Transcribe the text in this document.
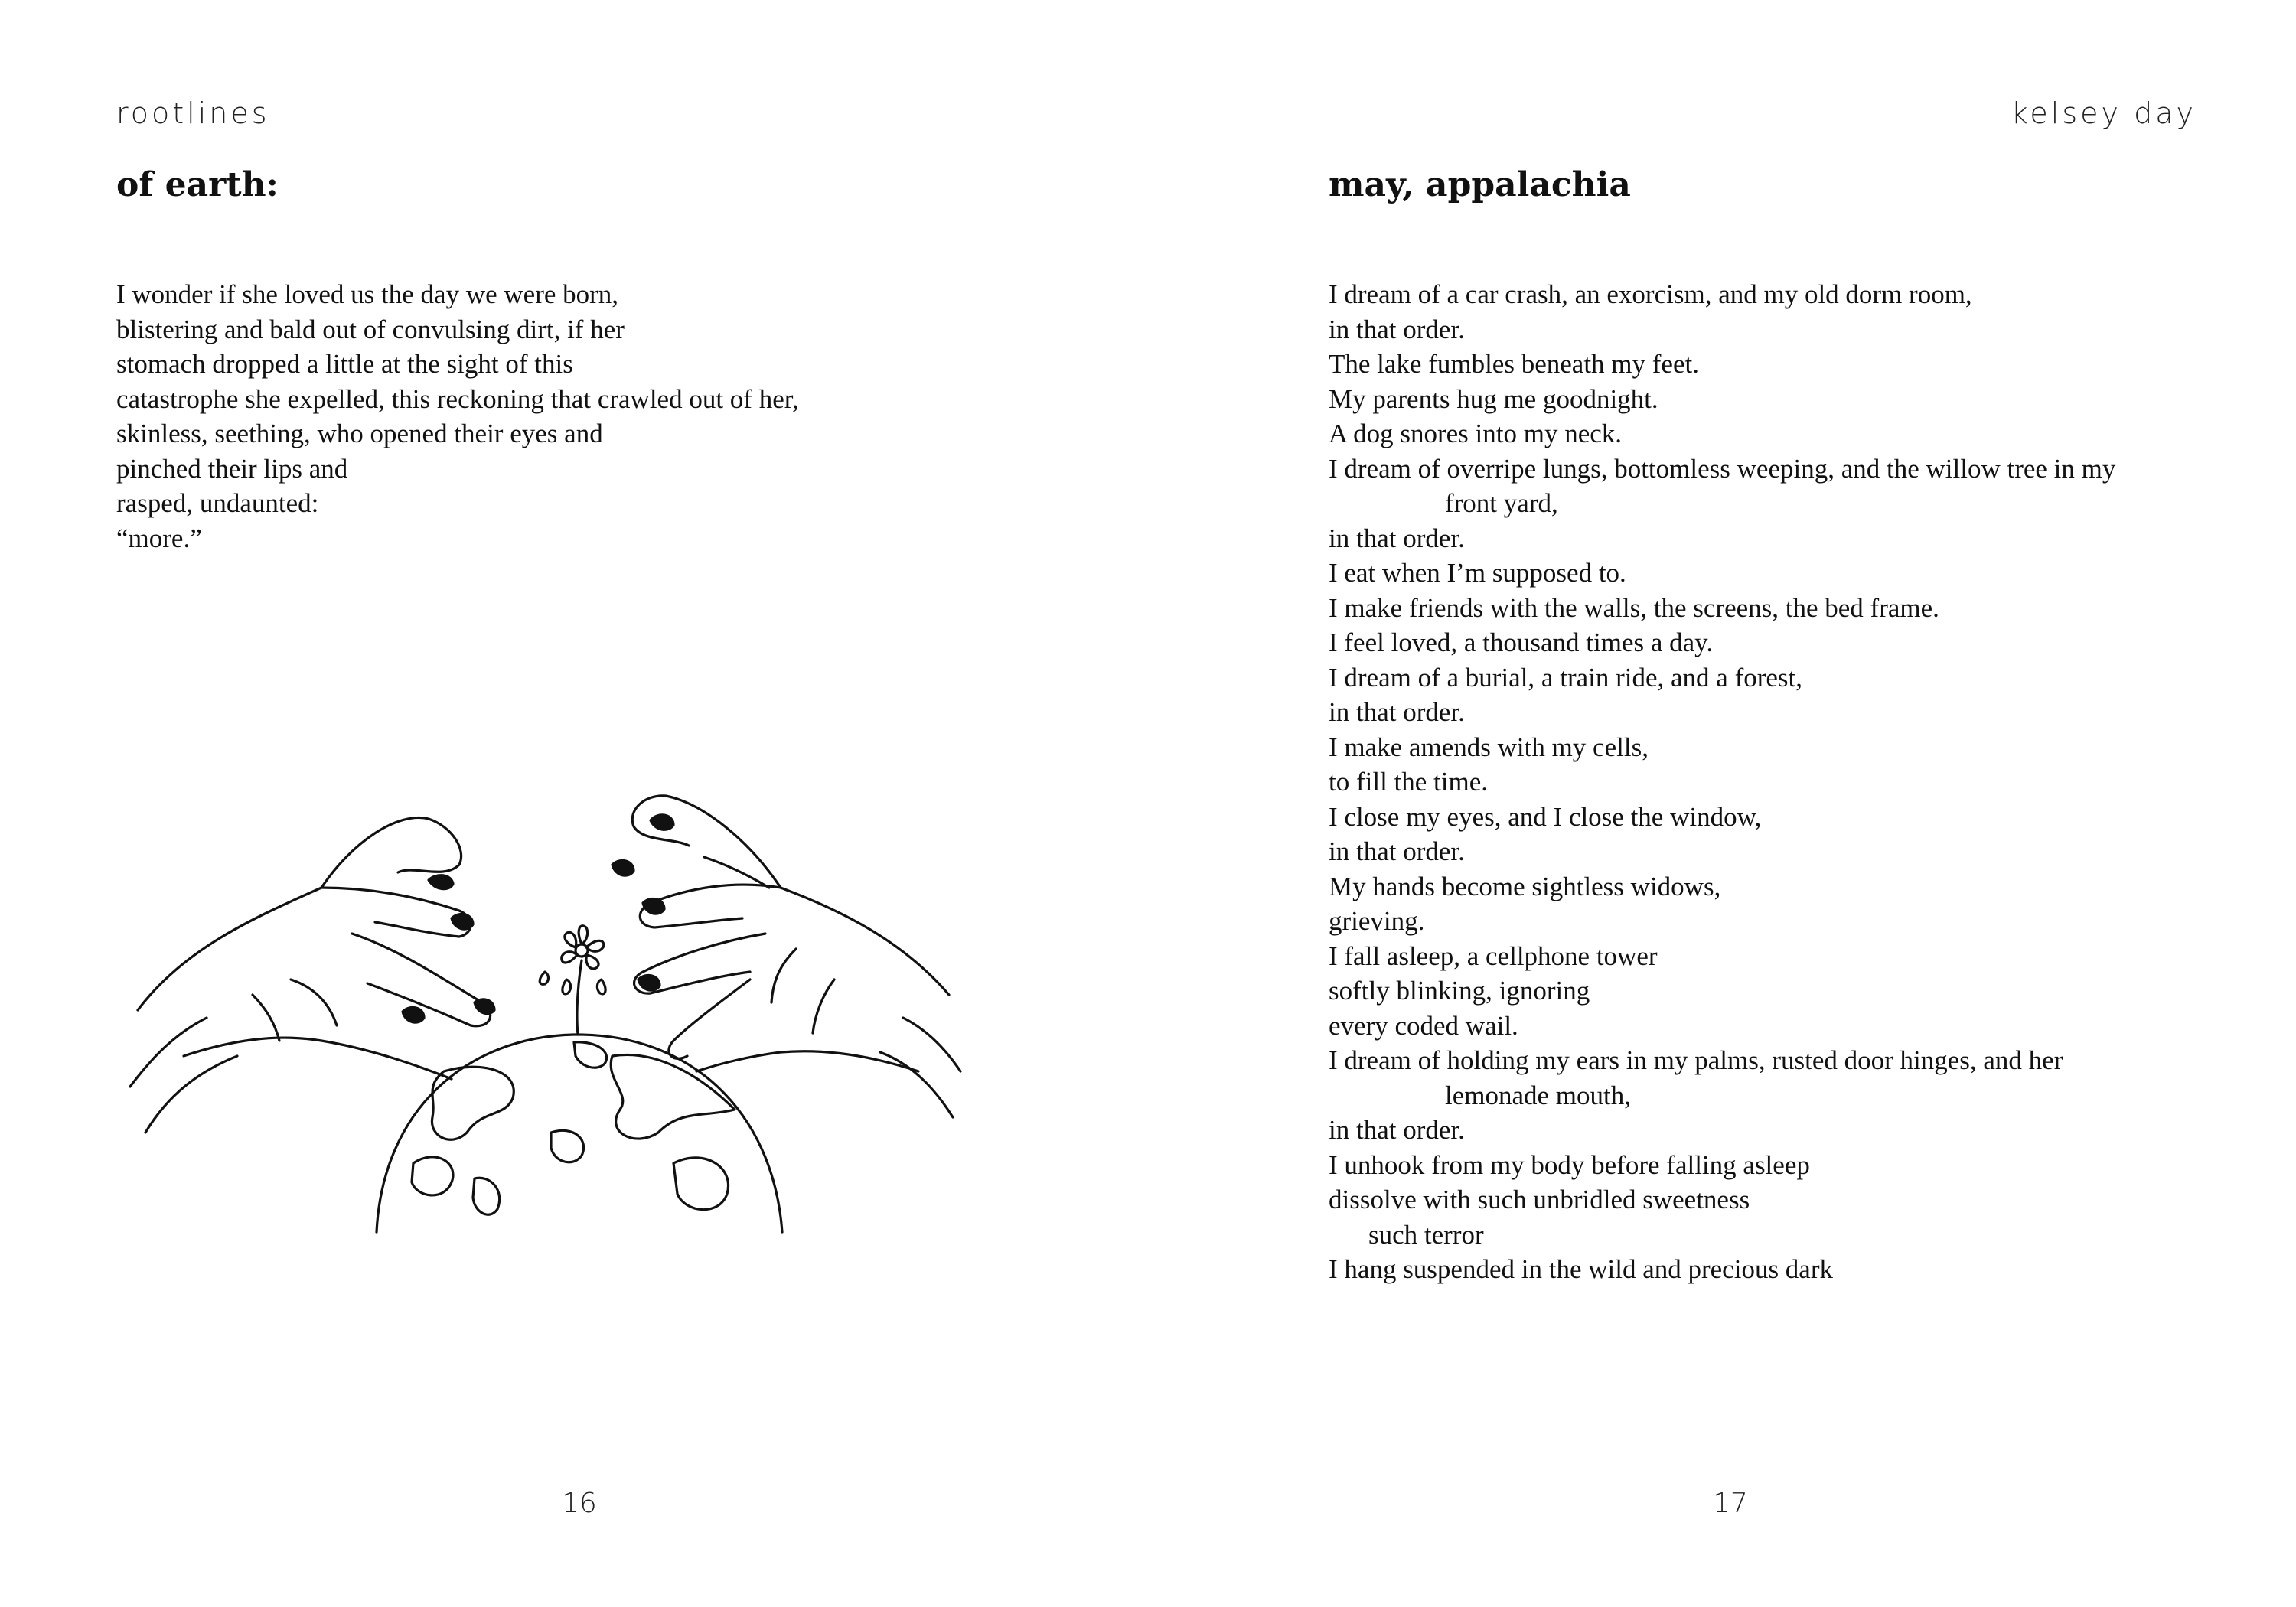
rootlines
of earth:
I wonder if she loved us the day we were born,
blistering and bald out of convulsing dirt, if her
stomach dropped a little at the sight of this
catastrophe she expelled, this reckoning that crawled out of her,
skinless, seething, who opened their eyes and
pinched their lips and
rasped, undaunted:
“more.”
16
kelsey day
may, appalachia
I dream of a car crash, an exorcism, and my old dorm room,
in that order.
The lake fumbles beneath my feet.
My parents hug me goodnight.
A dog snores into my neck.
I dream of overripe lungs, bottomless weeping, and the willow tree in my
front yard,
in that order.
I eat when I’m supposed to.
I make friends with the walls, the screens, the bed frame.
I feel loved, a thousand times a day.
I dream of a burial, a train ride, and a forest,
in that order.
I make amends with my cells,
to fill the time.
I close my eyes, and I close the window,
in that order.
My hands become sightless widows,
grieving.
I fall asleep, a cellphone tower
softly blinking, ignoring
every coded wail.
I dream of holding my ears in my palms, rusted door hinges, and her
lemonade mouth,
in that order.
I unhook from my body before falling asleep
dissolve with such unbridled sweetness
such terror
I hang suspended in the wild and precious dark
17
